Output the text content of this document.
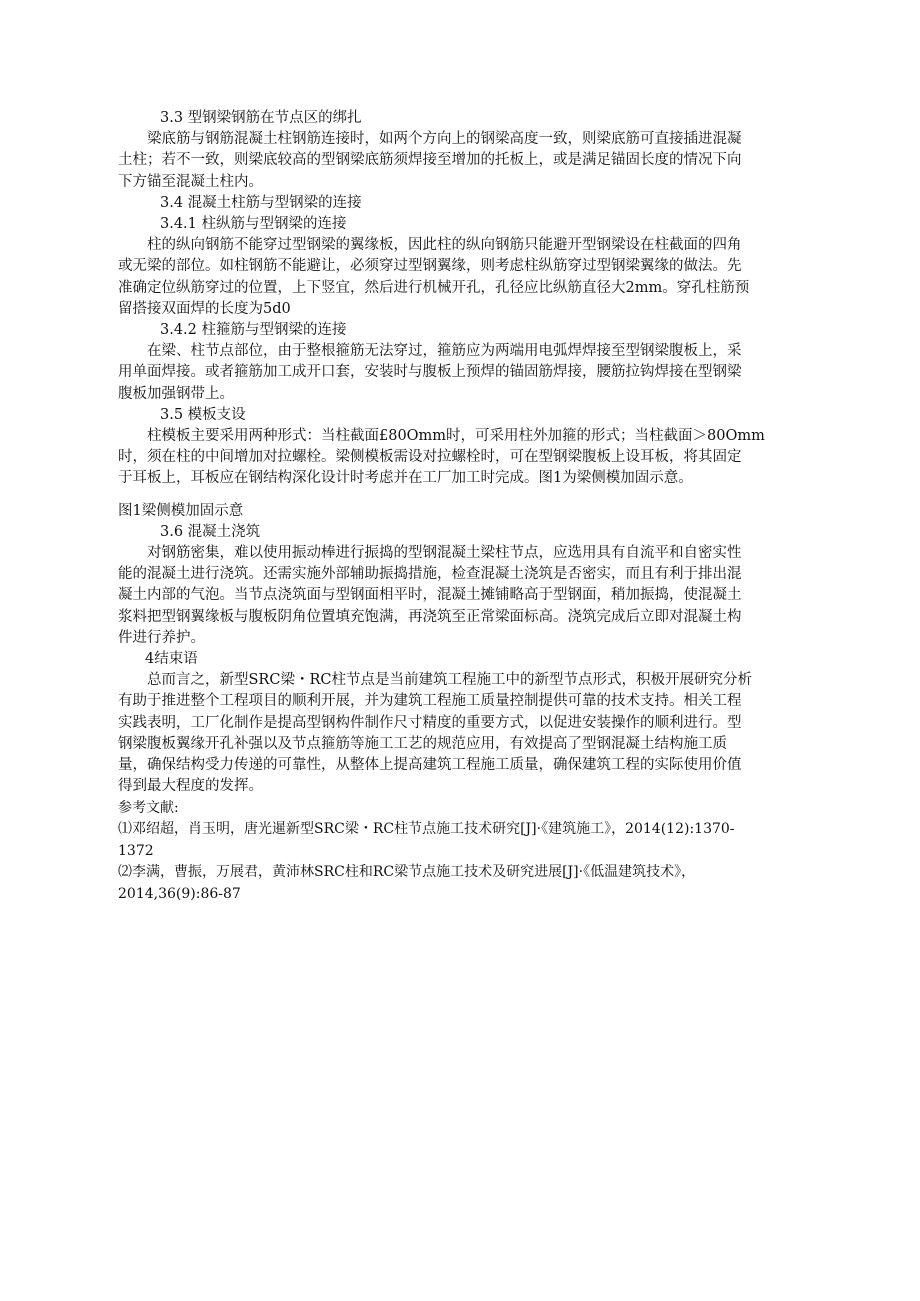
3.3 型钢梁钢筋在节点区的绑扎

梁底筋与钢筋混凝土柱钢筋连接时，如两个方向上的钢梁高度一致，则梁底筋可直接插进混凝

土柱；若不一致，则梁底较高的型钢梁底筋须焊接至增加的托板上，或是满足锚固长度的情况下向

下方锚至混凝土柱内。

3.4 混凝土柱筋与型钢梁的连接

3.4.1 柱纵筋与型钢梁的连接

柱的纵向钢筋不能穿过型钢梁的翼缘板，因此柱的纵向钢筋只能避开型钢梁设在柱截面的四角

或无梁的部位。如柱钢筋不能避让，必须穿过型钢翼缘，则考虑柱纵筋穿过型钢梁翼缘的做法。先

准确定位纵筋穿过的位置，上下竖宜，然后进行机械开孔，孔径应比纵筋直径大2mm。穿孔柱筋预

留搭接双面焊的长度为5d0

3.4.2 柱箍筋与型钢梁的连接

在梁、柱节点部位，由于整根箍筋无法穿过，箍筋应为两端用电弧焊焊接至型钢梁腹板上，采

用单面焊接。或者箍筋加工成开口套，安装时与腹板上预焊的锚固筋焊接，腰筋拉钩焊接在型钢梁

腹板加强钢带上。

3.5 模板支设

柱模板主要采用两种形式：当柱截面£80Omm时，可采用柱外加箍的形式；当柱截面＞80Omm

时，须在柱的中间增加对拉螺栓。梁侧模板需设对拉螺栓时，可在型钢梁腹板上设耳板，将其固定

于耳板上，耳板应在钢结构深化设计时考虑并在工厂加工时完成。图1为梁侧模加固示意。

图1梁侧模加固示意

3.6 混凝土浇筑

对钢筋密集，难以使用振动棒进行振捣的型钢混凝土梁柱节点，应选用具有自流平和自密实性

能的混凝土进行浇筑。还需实施外部辅助振捣措施，检查混凝土浇筑是否密实，而且有利于排出混

凝土内部的气泡。当节点浇筑面与型钢面相平时，混凝土摊铺略高于型钢面，稍加振捣，使混凝土

浆料把型钢翼缘板与腹板阴角位置填充饱满，再浇筑至正常梁面标高。浇筑完成后立即对混凝土构

件进行养护。

4结束语

总而言之，新型SRC梁・RC柱节点是当前建筑工程施工中的新型节点形式，积极开展研究分析

有助于推进整个工程项目的顺利开展，并为建筑工程施工质量控制提供可靠的技术支持。相关工程

实践表明，工厂化制作是提高型钢构件制作尺寸精度的重要方式，以促进安装操作的顺利进行。型

钢梁腹板翼缘开孔补强以及节点箍筋等施工工艺的规范应用，有效提高了型钢混凝土结构施工质

量，确保结构受力传递的可靠性，从整体上提高建筑工程施工质量，确保建筑工程的实际使用价值

得到最大程度的发挥。

参考文献:

⑴邓绍超，肖玉明，唐光暹新型SRC梁・RC柱节点施工技术研究[J]·《建筑施工》，2014(12):1370-

1372

⑵李满，曹振，万展君，黄沛林SRC柱和RC梁节点施工技术及研究进展[J]·《低温建筑技术》，

2014,36(9):86-87
